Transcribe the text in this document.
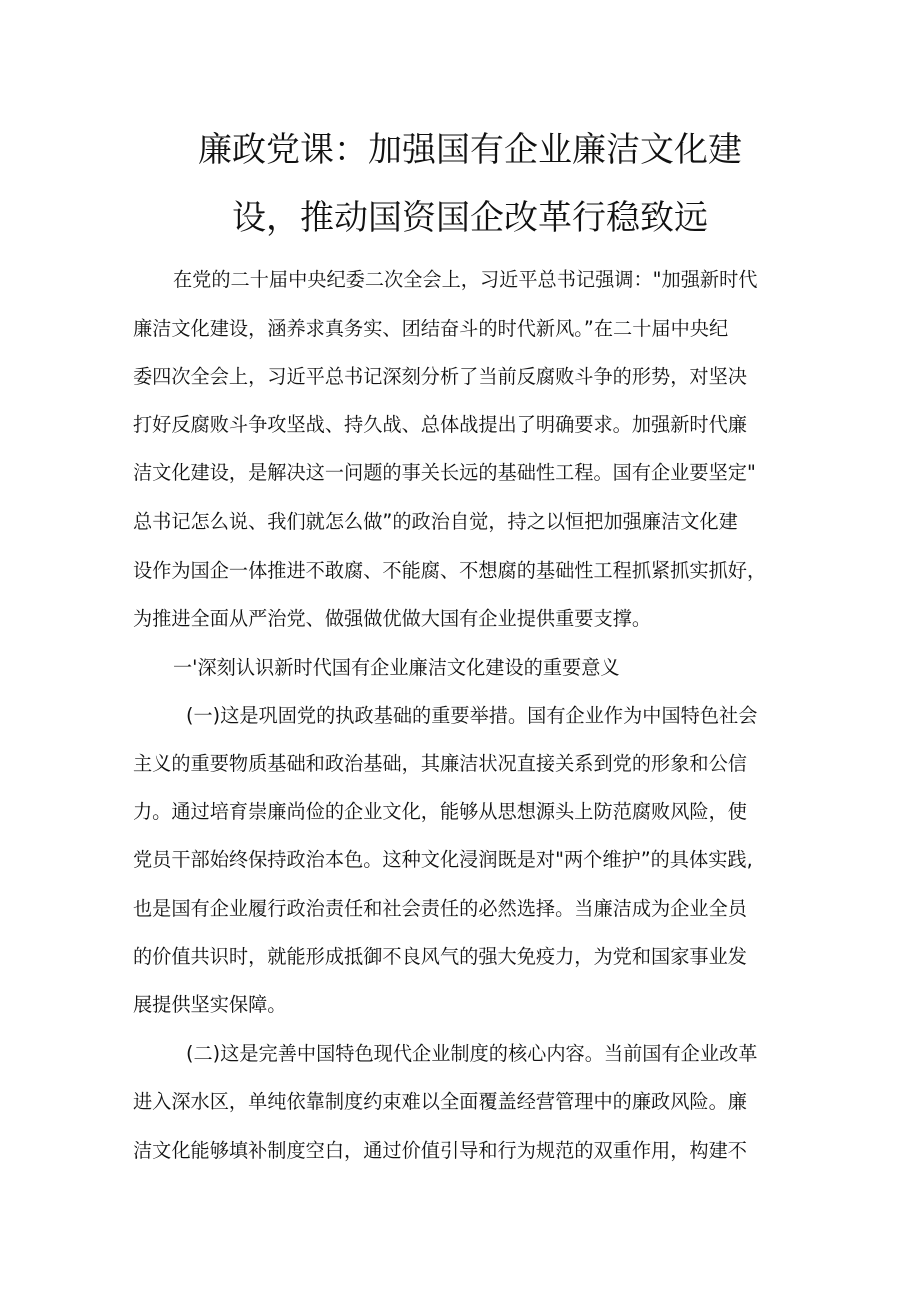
廉政党课：加强国有企业廉洁文化建
设，推动国资国企改革行稳致远
在党的二十届中央纪委二次全会上，习近平总书记强调："加强新时代
廉洁文化建设，涵养求真务实、团结奋斗的时代新风。”在二十届中央纪
委四次全会上，习近平总书记深刻分析了当前反腐败斗争的形势，对坚决
打好反腐败斗争攻坚战、持久战、总体战提出了明确要求。加强新时代廉
洁文化建设，是解决这一问题的事关长远的基础性工程。国有企业要坚定"
总书记怎么说、我们就怎么做”的政治自觉，持之以恒把加强廉洁文化建
设作为国企一体推进不敢腐、不能腐、不想腐的基础性工程抓紧抓实抓好，
为推进全面从严治党、做强做优做大国有企业提供重要支撑。
一'深刻认识新时代国有企业廉洁文化建设的重要意义
(一)这是巩固党的执政基础的重要举措。国有企业作为中国特色社会
主义的重要物质基础和政治基础，其廉洁状况直接关系到党的形象和公信
力。通过培育崇廉尚俭的企业文化，能够从思想源头上防范腐败风险，使
党员干部始终保持政治本色。这种文化浸润既是对"两个维护”的具体实践,
也是国有企业履行政治责任和社会责任的必然选择。当廉洁成为企业全员
的价值共识时，就能形成抵御不良风气的强大免疫力，为党和国家事业发
展提供坚实保障。
(二)这是完善中国特色现代企业制度的核心内容。当前国有企业改革
进入深水区，单纯依靠制度约束难以全面覆盖经营管理中的廉政风险。廉
洁文化能够填补制度空白，通过价值引导和行为规范的双重作用，构建不
